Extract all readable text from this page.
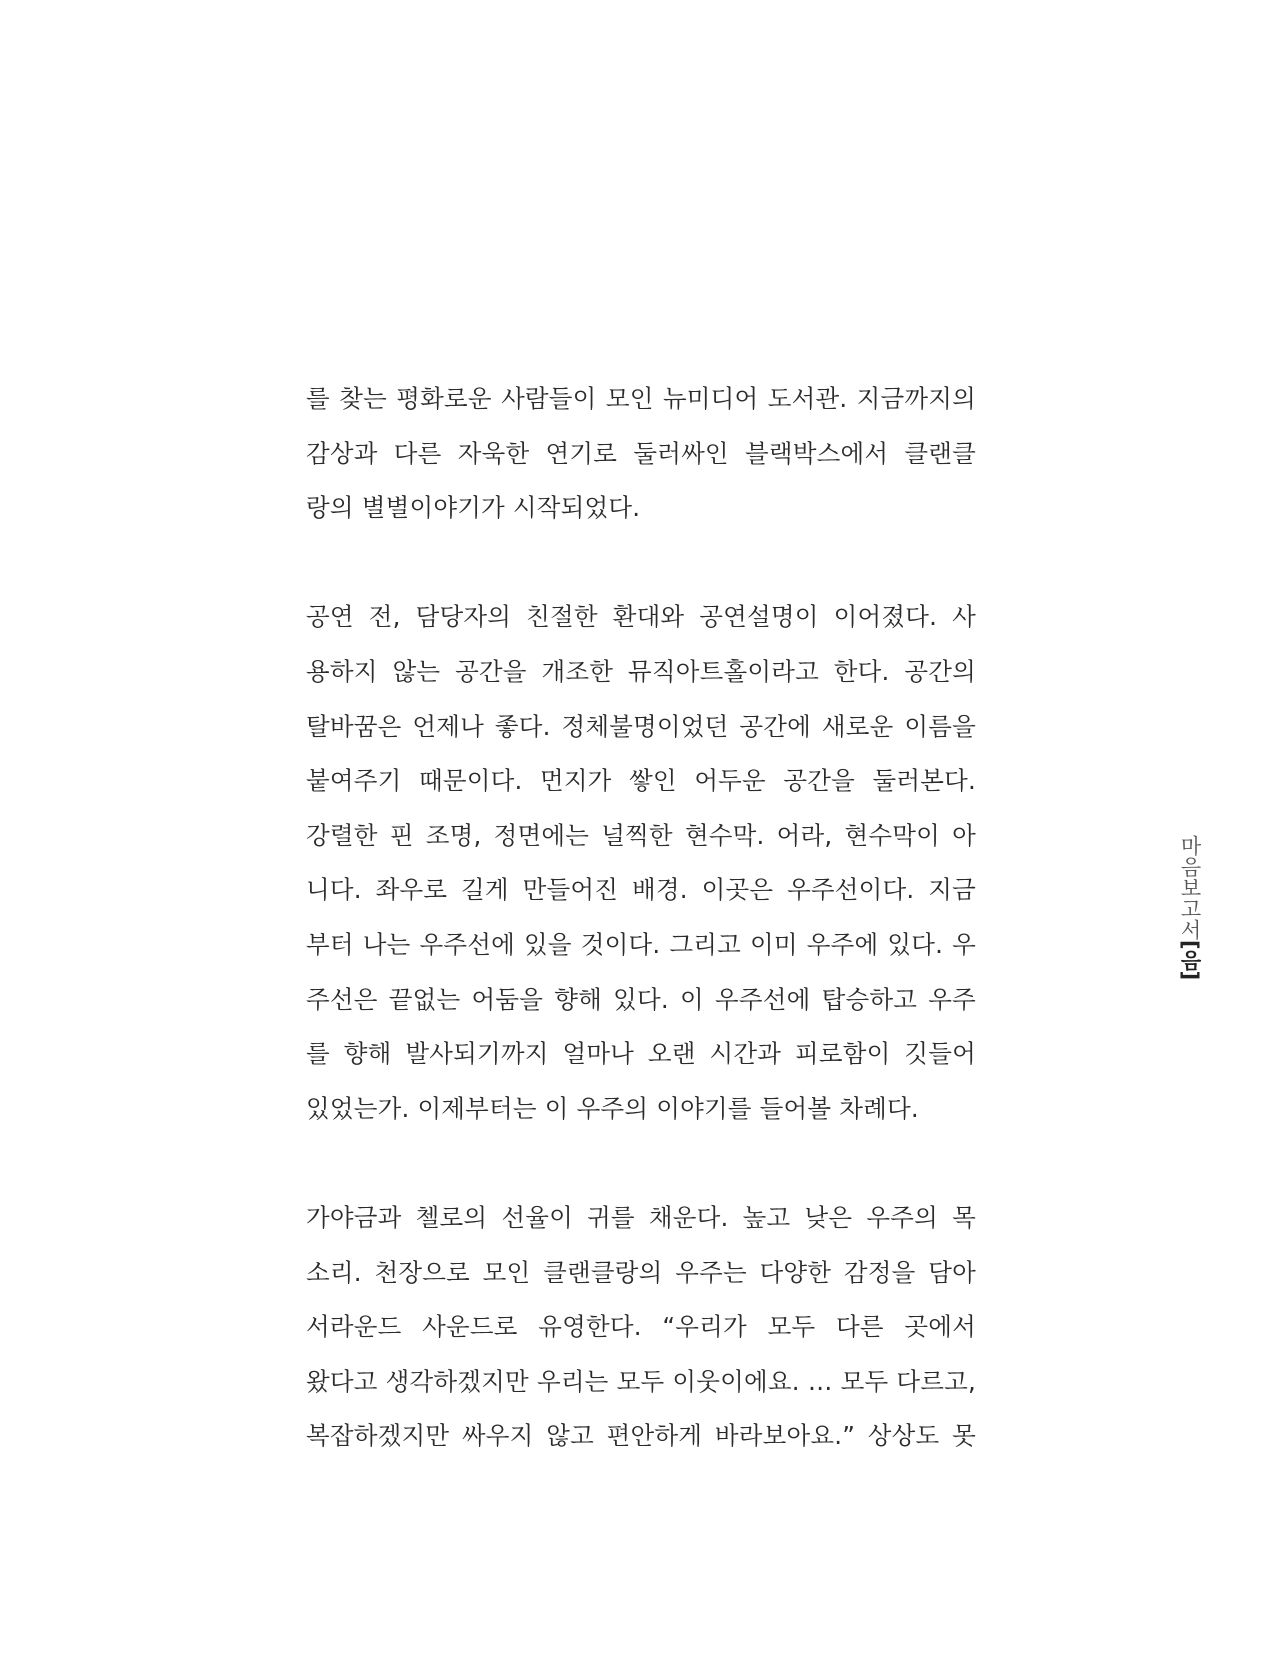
를 찾는 평화로운 사람들이 모인 뉴미디어 도서관. 지금까지의
감상과 다른 자욱한 연기로 둘러싸인 블랙박스에서 클랜클
랑의 별별이야기가 시작되었다.
공연 전, 담당자의 친절한 환대와 공연설명이 이어졌다. 사
용하지 않는 공간을 개조한 뮤직아트홀이라고 한다. 공간의
탈바꿈은 언제나 좋다. 정체불명이었던 공간에 새로운 이름을
붙여주기 때문이다. 먼지가 쌓인 어두운 공간을 둘러본다.
강렬한 핀 조명, 정면에는 널찍한 현수막. 어라, 현수막이 아
니다. 좌우로 길게 만들어진 배경. 이곳은 우주선이다. 지금
부터 나는 우주선에 있을 것이다. 그리고 이미 우주에 있다. 우
주선은 끝없는 어둠을 향해 있다. 이 우주선에 탑승하고 우주
를 향해 발사되기까지 얼마나 오랜 시간과 피로함이 깃들어
있었는가. 이제부터는 이 우주의 이야기를 들어볼 차례다.
가야금과 첼로의 선율이 귀를 채운다. 높고 낮은 우주의 목
소리. 천장으로 모인 클랜클랑의 우주는 다양한 감정을 담아
서라운드 사운드로 유영한다. “우리가 모두 다른 곳에서
왔다고 생각하겠지만 우리는 모두 이웃이에요. … 모두 다르고,
복잡하겠지만 싸우지 않고 편안하게 바라보아요.” 상상도 못
마음보고서[음]
